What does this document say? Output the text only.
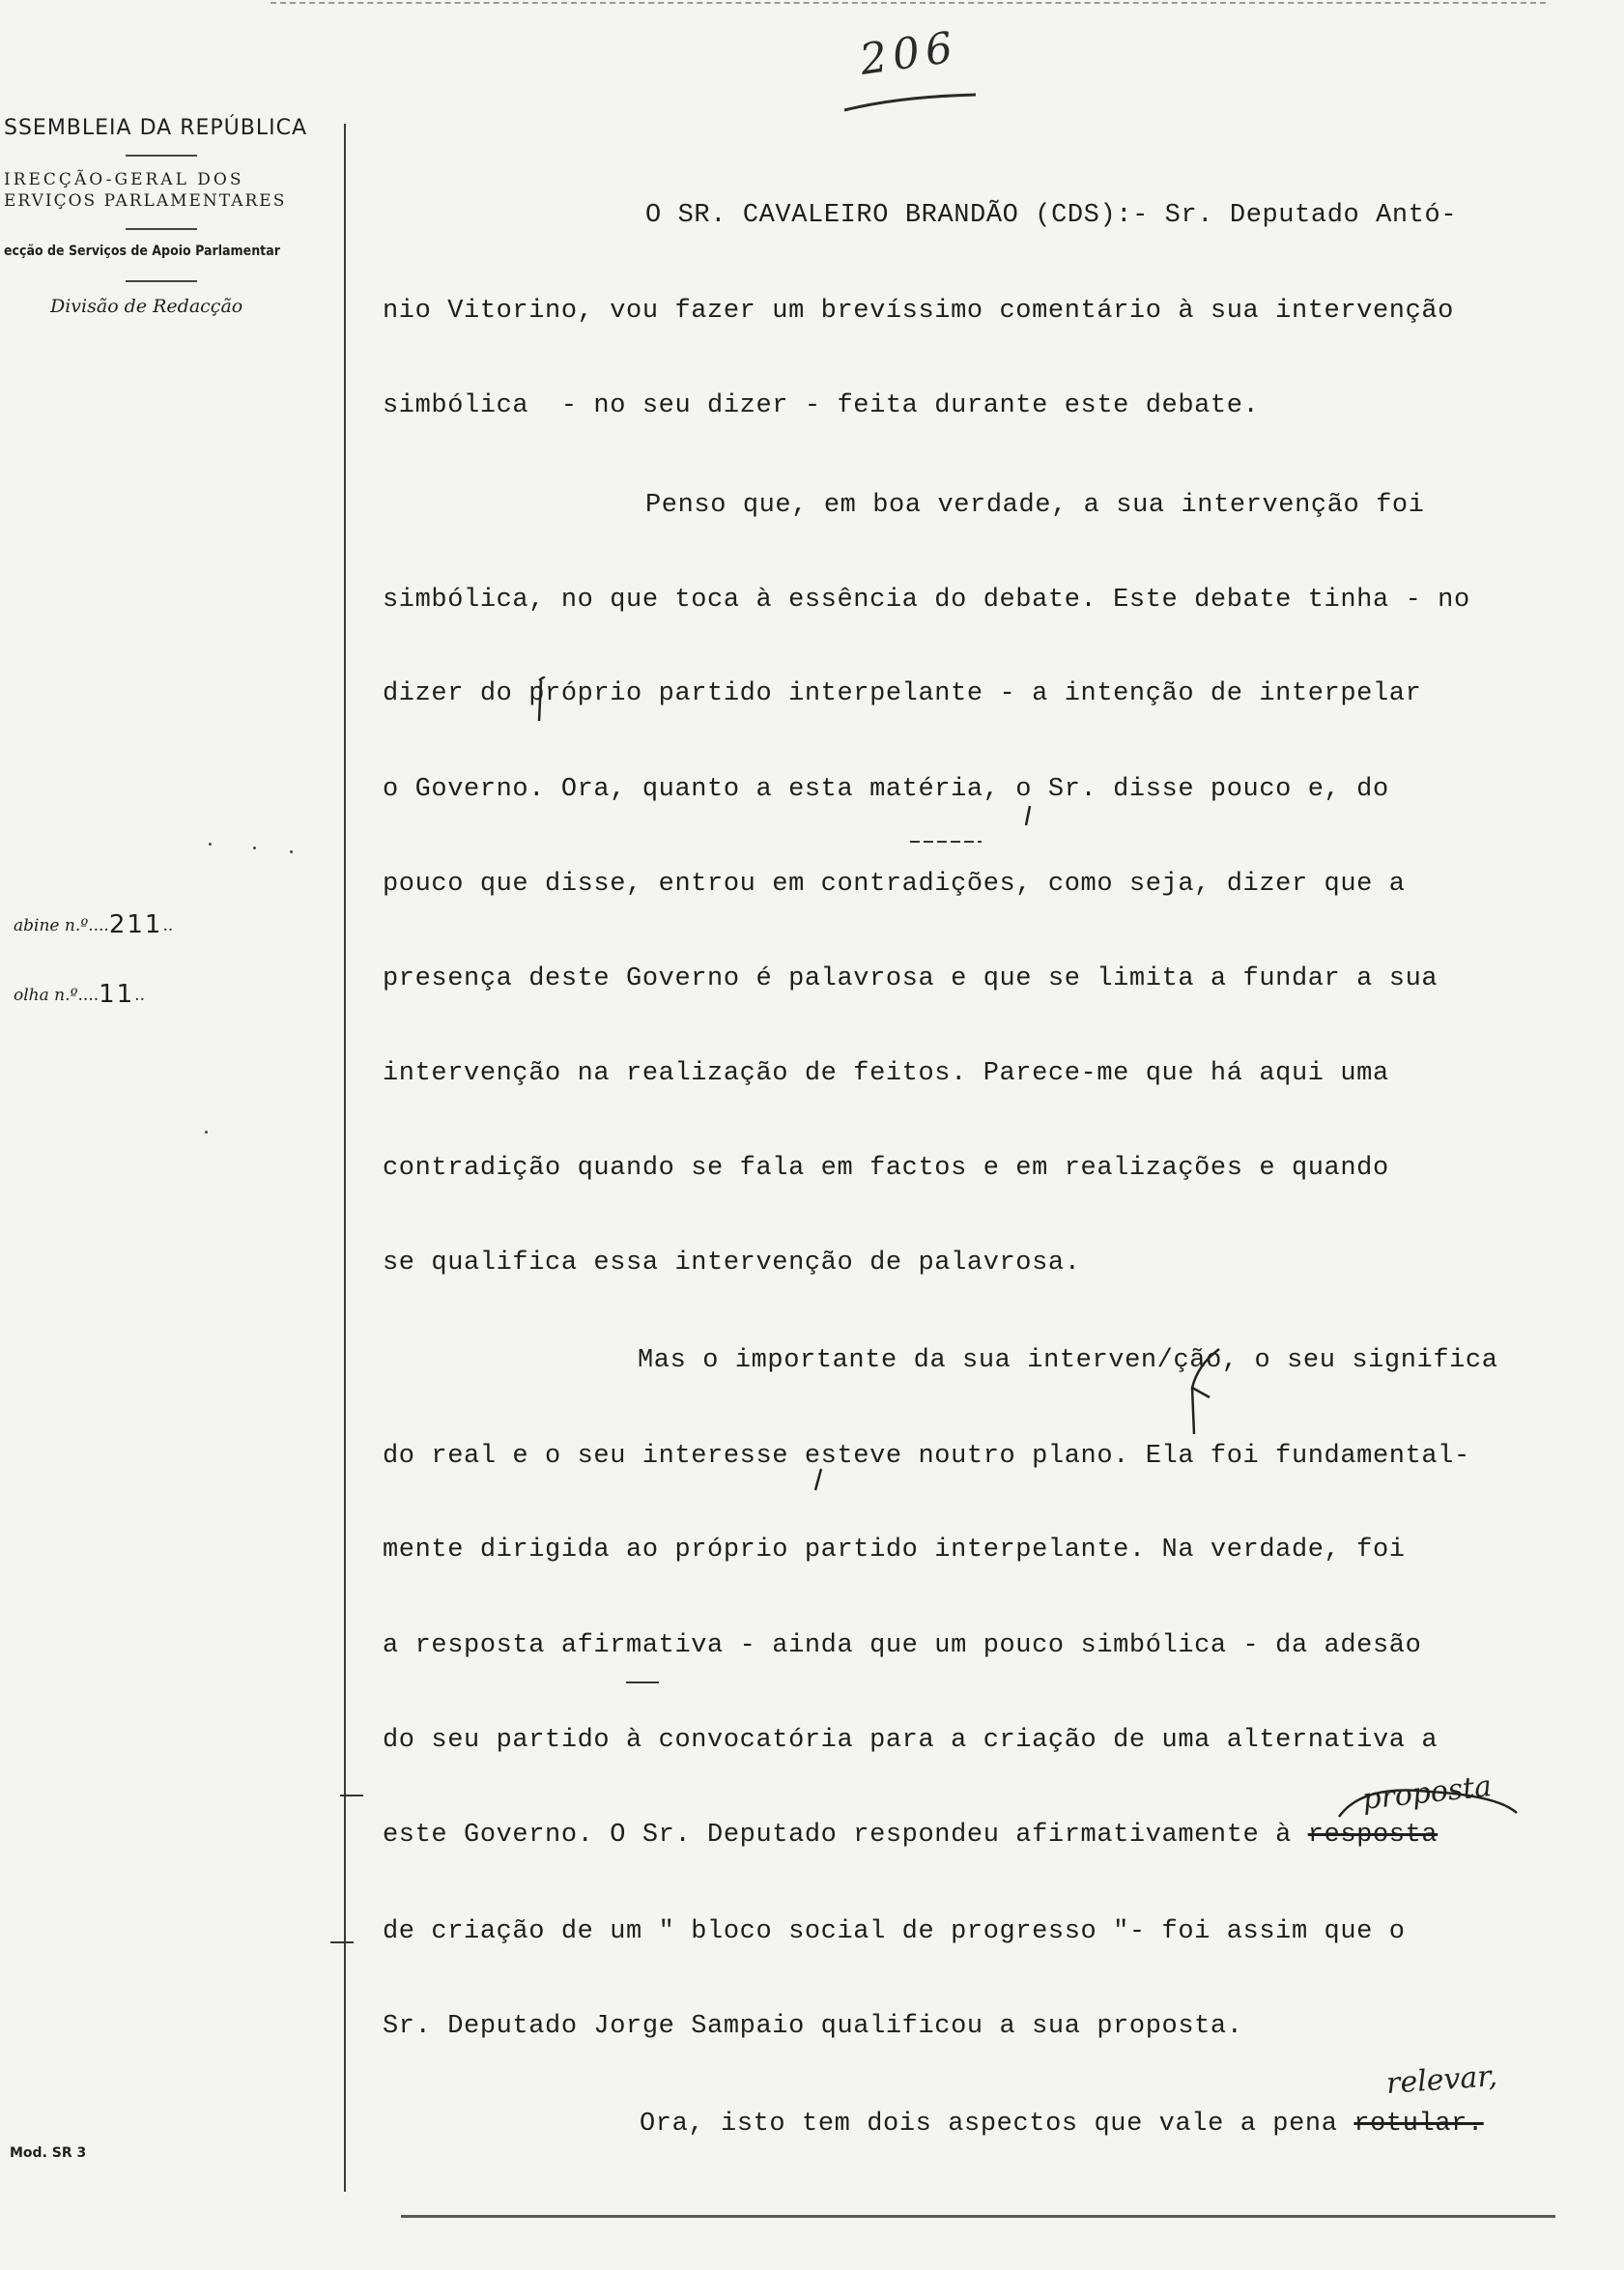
206
SSEMBLEIA DA REPÚBLICA
IRECÇÃO-GERAL DOS
ERVIÇOS PARLAMENTARES
ecção de Serviços de Apoio Parlamentar
Divisão de Redacção
abine n.º....211..
olha n.º....11..
Mod. SR 3
O SR. CAVALEIRO BRANDÃO (CDS):- Sr. Deputado Antó-
nio Vitorino, vou fazer um brevíssimo comentário à sua intervenção
simbólica  - no seu dizer - feita durante este debate.
Penso que, em boa verdade, a sua intervenção foi
simbólica, no que toca à essência do debate. Este debate tinha - no
dizer do próprio partido interpelante - a intenção de interpelar
o Governo. Ora, quanto a esta matéria, o Sr. disse pouco e, do
pouco que disse, entrou em contradições, como seja, dizer que a
presença deste Governo é palavrosa e que se limita a fundar a sua
intervenção na realização de feitos. Parece-me que há aqui uma
contradição quando se fala em factos e em realizações e quando
se qualifica essa intervenção de palavrosa.
Mas o importante da sua interven/ção, o seu significa
do real e o seu interesse esteve noutro plano. Ela foi fundamental-
mente dirigida ao próprio partido interpelante. Na verdade, foi
a resposta afirmativa - ainda que um pouco simbólica - da adesão
do seu partido à convocatória para a criação de uma alternativa a
este Governo. O Sr. Deputado respondeu afirmativamente à resposta
de criação de um " bloco social de progresso "- foi assim que o
Sr. Deputado Jorge Sampaio qualificou a sua proposta.
Ora, isto tem dois aspectos que vale a pena rotular.
proposta
relevar,
